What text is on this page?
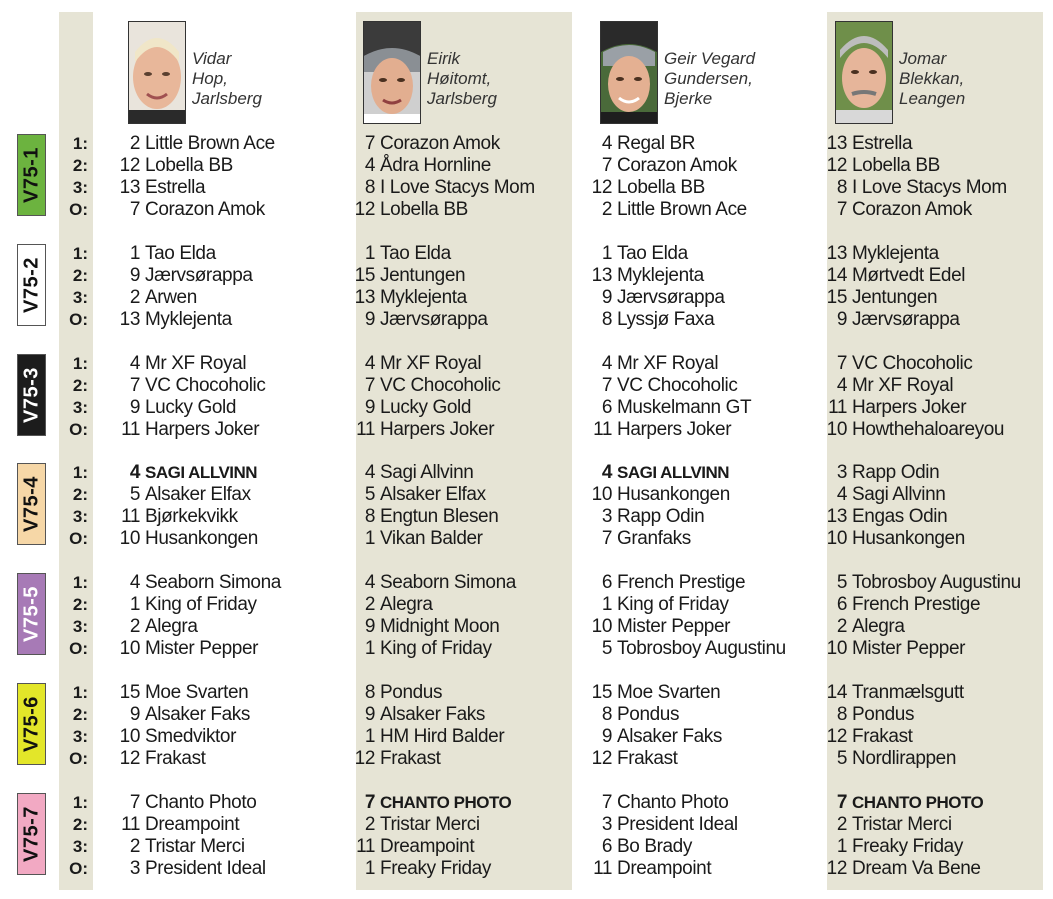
Vidar
Hop,
Jarlsberg
Eirik
Høitomt,
Jarlsberg
Geir Vegard
Gundersen,
Bjerke
Jomar
Blekkan,
Leangen
V75-1
1:
2:
3:
O:
2 Little Brown Ace
12 Lobella BB
13 Estrella
7 Corazon Amok
7 Corazon Amok
4 Ådra Hornline
8 I Love Stacys Mom
12 Lobella BB
4 Regal BR
7 Corazon Amok
12 Lobella BB
2 Little Brown Ace
13 Estrella
12 Lobella BB
8 I Love Stacys Mom
7 Corazon Amok
V75-2
1:
2:
3:
O:
1 Tao Elda
9 Jærvsørappa
2 Arwen
13 Myklejenta
1 Tao Elda
15 Jentungen
13 Myklejenta
9 Jærvsørappa
1 Tao Elda
13 Myklejenta
9 Jærvsørappa
8 Lyssjø Faxa
13 Myklejenta
14 Mørtvedt Edel
15 Jentungen
9 Jærvsørappa
V75-3
1:
2:
3:
O:
4 Mr XF Royal
7 VC Chocoholic
9 Lucky Gold
11 Harpers Joker
4 Mr XF Royal
7 VC Chocoholic
9 Lucky Gold
11 Harpers Joker
4 Mr XF Royal
7 VC Chocoholic
6 Muskelmann GT
11 Harpers Joker
7 VC Chocoholic
4 Mr XF Royal
11 Harpers Joker
10 Howthehaloareyou
V75-4
1:
2:
3:
O:
4 SAGI ALLVINN
5 Alsaker Elfax
11 Bjørkekvikk
10 Husankongen
4 Sagi Allvinn
5 Alsaker Elfax
8 Engtun Blesen
1 Vikan Balder
4 SAGI ALLVINN
10 Husankongen
3 Rapp Odin
7 Granfaks
3 Rapp Odin
4 Sagi Allvinn
13 Engas Odin
10 Husankongen
V75-5
1:
2:
3:
O:
4 Seaborn Simona
1 King of Friday
2 Alegra
10 Mister Pepper
4 Seaborn Simona
2 Alegra
9 Midnight Moon
1 King of Friday
6 French Prestige
1 King of Friday
10 Mister Pepper
5 Tobrosboy Augustinu
5 Tobrosboy Augustinu
6 French Prestige
2 Alegra
10 Mister Pepper
V75-6
1:
2:
3:
O:
15 Moe Svarten
9 Alsaker Faks
10 Smedviktor
12 Frakast
8 Pondus
9 Alsaker Faks
1 HM Hird Balder
12 Frakast
15 Moe Svarten
8 Pondus
9 Alsaker Faks
12 Frakast
14 Tranmælsgutt
8 Pondus
12 Frakast
5 Nordlirappen
V75-7
1:
2:
3:
O:
7 Chanto Photo
11 Dreampoint
2 Tristar Merci
3 President Ideal
7 CHANTO PHOTO
2 Tristar Merci
11 Dreampoint
1 Freaky Friday
7 Chanto Photo
3 President Ideal
6 Bo Brady
11 Dreampoint
7 CHANTO PHOTO
2 Tristar Merci
1 Freaky Friday
12 Dream Va Bene
